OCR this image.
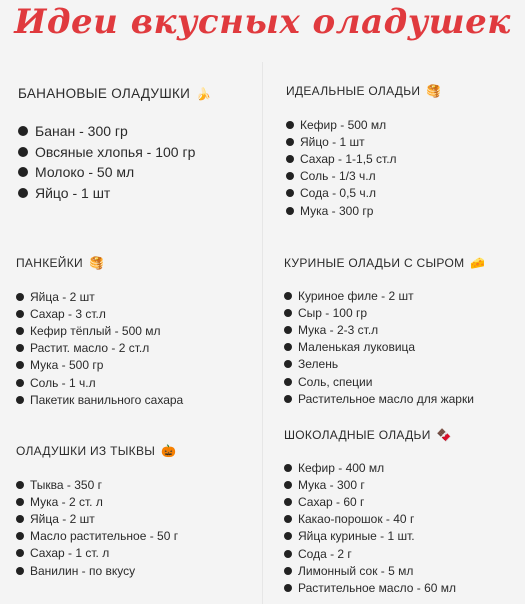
Идеи вкусных оладушек
БАНАНОВЫЕ ОЛАДУШКИ 🍌
Банан - 300 гр
Овсяные хлопья - 100 гр
Молоко - 50 мл
Яйцо - 1 шт
ИДЕАЛЬНЫЕ ОЛАДЬИ 🥞
Кефир - 500 мл
Яйцо - 1 шт
Сахар - 1-1,5 ст.л
Соль - 1/3 ч.л
Сода - 0,5 ч.л
Мука - 300 гр
ПАНКЕЙКИ 🥞
Яйца - 2 шт
Сахар - 3 ст.л
Кефир тёплый - 500 мл
Растит. масло - 2 ст.л
Мука - 500 гр
Соль - 1 ч.л
Пакетик ванильного сахара
КУРИНЫЕ ОЛАДЬИ С СЫРОМ 🧀
Куриное филе - 2 шт
Сыр - 100 гр
Мука - 2-3 ст.л
Маленькая луковица
Зелень
Соль, специи
Растительное масло для жарки
ОЛАДУШКИ ИЗ ТЫКВЫ 🎃
Тыква - 350 г
Мука - 2 ст. л
Яйца - 2 шт
Масло растительное - 50 г
Сахар - 1 ст. л
Ванилин - по вкусу
ШОКОЛАДНЫЕ ОЛАДЬИ 🍫
Кефир - 400 мл
Мука - 300 г
Сахар - 60 г
Какао-порошок - 40 г
Яйца куриные - 1 шт.
Сода - 2 г
Лимонный сок - 5 мл
Растительное масло - 60 мл
